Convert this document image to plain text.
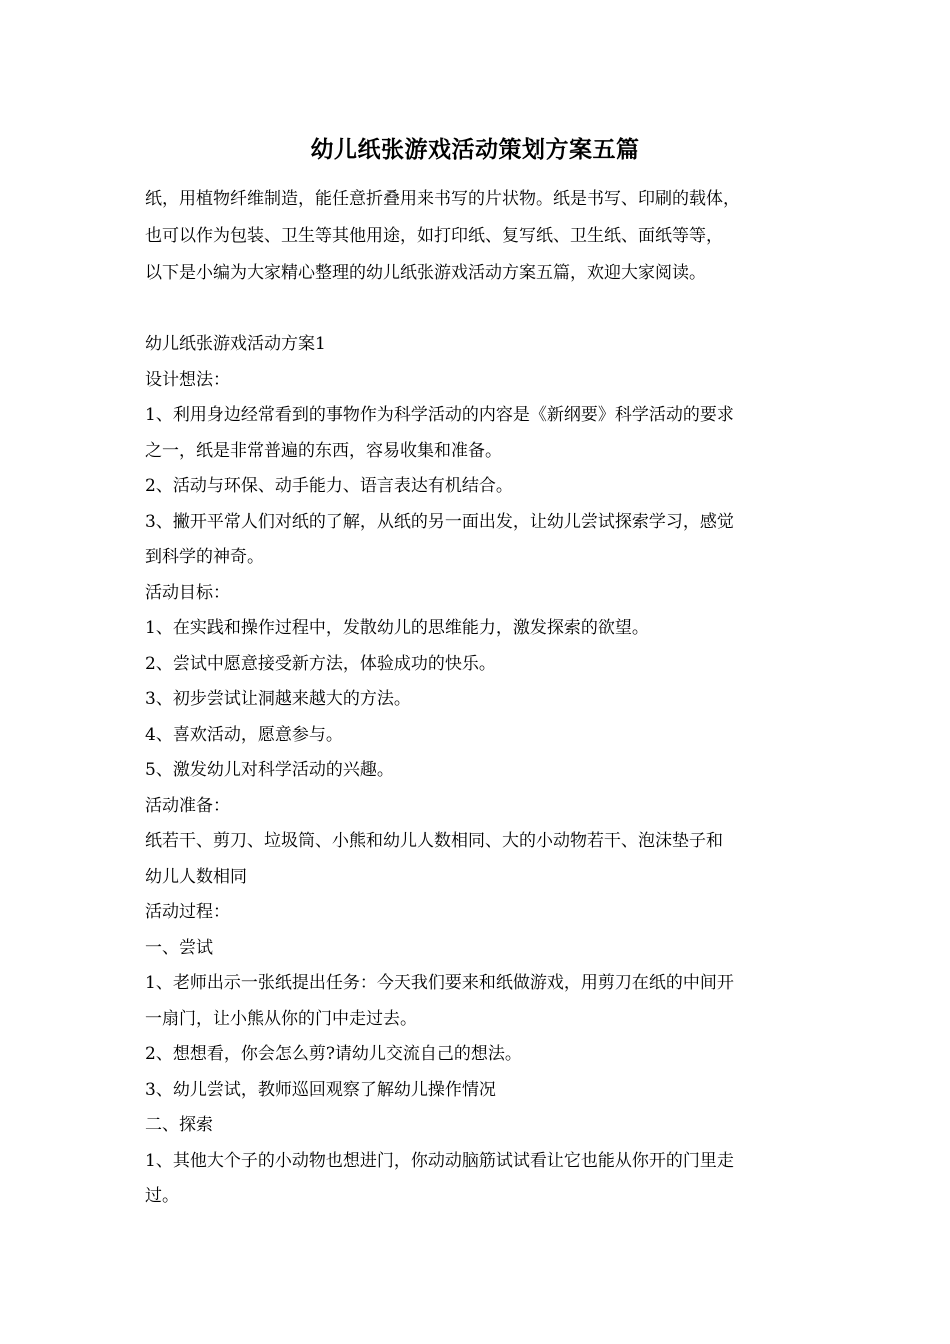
幼儿纸张游戏活动策划方案五篇

纸，用植物纤维制造，能任意折叠用来书写的片状物。纸是书写、印刷的载体，

也可以作为包装、卫生等其他用途，如打印纸、复写纸、卫生纸、面纸等等，

以下是小编为大家精心整理的幼儿纸张游戏活动方案五篇，欢迎大家阅读。

幼儿纸张游戏活动方案1

设计想法：

1、利用身边经常看到的事物作为科学活动的内容是《新纲要》科学活动的要求

之一，纸是非常普遍的东西，容易收集和准备。

2、活动与环保、动手能力、语言表达有机结合。

3、撇开平常人们对纸的了解，从纸的另一面出发，让幼儿尝试探索学习，感觉

到科学的神奇。

活动目标：

1、在实践和操作过程中，发散幼儿的思维能力，激发探索的欲望。

2、尝试中愿意接受新方法，体验成功的快乐。

3、初步尝试让洞越来越大的方法。

4、喜欢活动，愿意参与。

5、激发幼儿对科学活动的兴趣。

活动准备：

纸若干、剪刀、垃圾筒、小熊和幼儿人数相同、大的小动物若干、泡沫垫子和

幼儿人数相同

活动过程：

一、尝试

1、老师出示一张纸提出任务：今天我们要来和纸做游戏，用剪刀在纸的中间开

一扇门，让小熊从你的门中走过去。

2、想想看，你会怎么剪?请幼儿交流自己的想法。

3、幼儿尝试，教师巡回观察了解幼儿操作情况

二、探索

1、其他大个子的小动物也想进门，你动动脑筋试试看让它也能从你开的门里走

过。
